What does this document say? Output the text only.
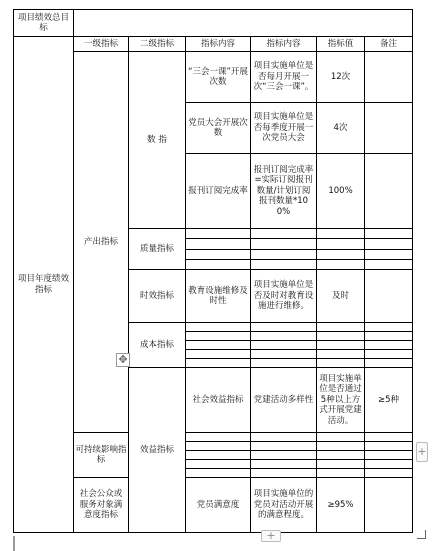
项目绩效总目标							
项目年度绩效指标	一级指标	二级指标	指标内容	指标内容	指标值	备注	
	产出指标	数 指	“三会一课”开展次数	项目实施单位是否每月开展一次“三会一课”。	12次		
			党员大会开展次数	项目实施单位是否每季度开展一次党员大会	4次		
			报刊订阅完成率	报刊订阅完成率=实际订阅报刊数量/计划订阅报刊数量*100%	100%		
		质量指标					

		时效指标	教育设施维修及时性	项目实施单位是否及时对教育设施进行维修。	及时		
		成本指标					

		效益指标	社会效益指标	党建活动多样性	项目实施单位是否通过5种以上方式开展党建活动。	≥5种	
	可持续影响指标						

	社会公众或服务对象满意度指标		党员满意度	项目实施单位的党员对活动开展的满意程度。	≥95%		
✥
+
+
